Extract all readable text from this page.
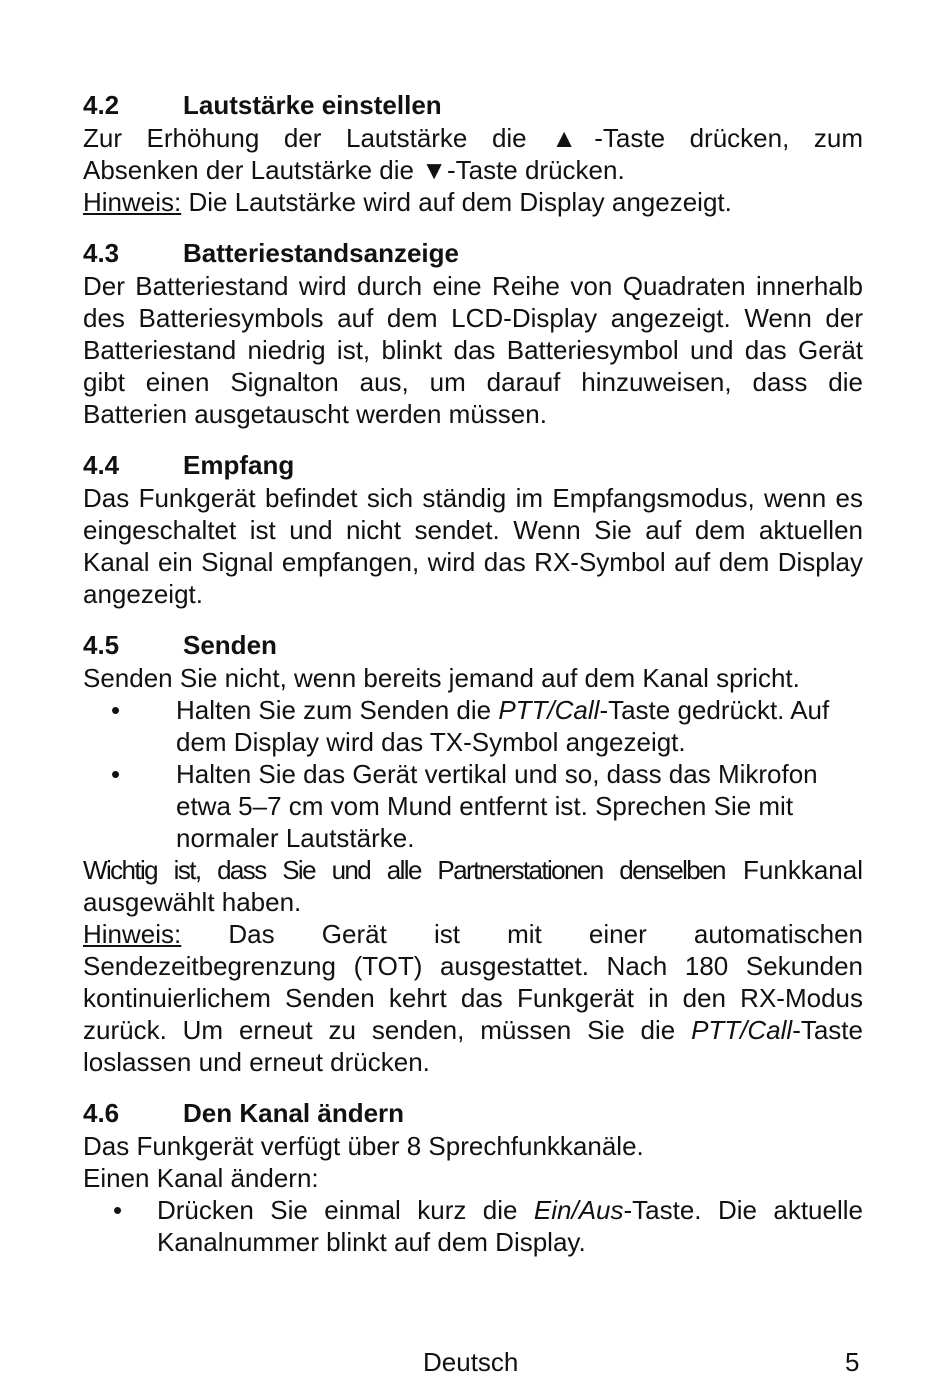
4.2	Lautstärke einstellen

Zur Erhöhung der Lautstärke die ▲-Taste drücken, zum

Absenken der Lautstärke die ▼-Taste drücken.

Hinweis: Die Lautstärke wird auf dem Display angezeigt.

4.3	Batteriestandsanzeige

Der Batteriestand wird durch eine Reihe von Quadraten innerhalb des Batteriesymbols auf dem LCD-Display angezeigt. Wenn der Batteriestand niedrig ist, blinkt das Batteriesymbol und das Gerät gibt einen Signalton aus, um darauf hinzuweisen, dass die Batterien ausgetauscht werden müssen.

4.4	Empfang

Das Funkgerät befindet sich ständig im Empfangsmodus, wenn es eingeschaltet ist und nicht sendet. Wenn Sie auf dem aktuellen Kanal ein Signal empfangen, wird das RX-Symbol auf dem Display angezeigt.

4.5	Senden

Senden Sie nicht, wenn bereits jemand auf dem Kanal spricht.

• Halten Sie zum Senden die PTT/Call-Taste gedrückt. Auf dem Display wird das TX-Symbol angezeigt.
• Halten Sie das Gerät vertikal und so, dass das Mikrofon etwa 5–7 cm vom Mund entfernt ist. Sprechen Sie mit normaler Lautstärke.

Wichtig ist, dass Sie und alle Partnerstationen denselben Funkkanal ausgewählt haben.

Hinweis: Das Gerät ist mit einer automatischen Sendezeitbegrenzung (TOT) ausgestattet. Nach 180 Sekunden kontinuierlichem Senden kehrt das Funkgerät in den RX-Modus zurück. Um erneut zu senden, müssen Sie die PTT/Call-Taste loslassen und erneut drücken.

4.6	Den Kanal ändern

Das Funkgerät verfügt über 8 Sprechfunkkanäle.

Einen Kanal ändern:

• Drücken Sie einmal kurz die Ein/Aus-Taste. Die aktuelle Kanalnummer blinkt auf dem Display.

Deutsch	5
